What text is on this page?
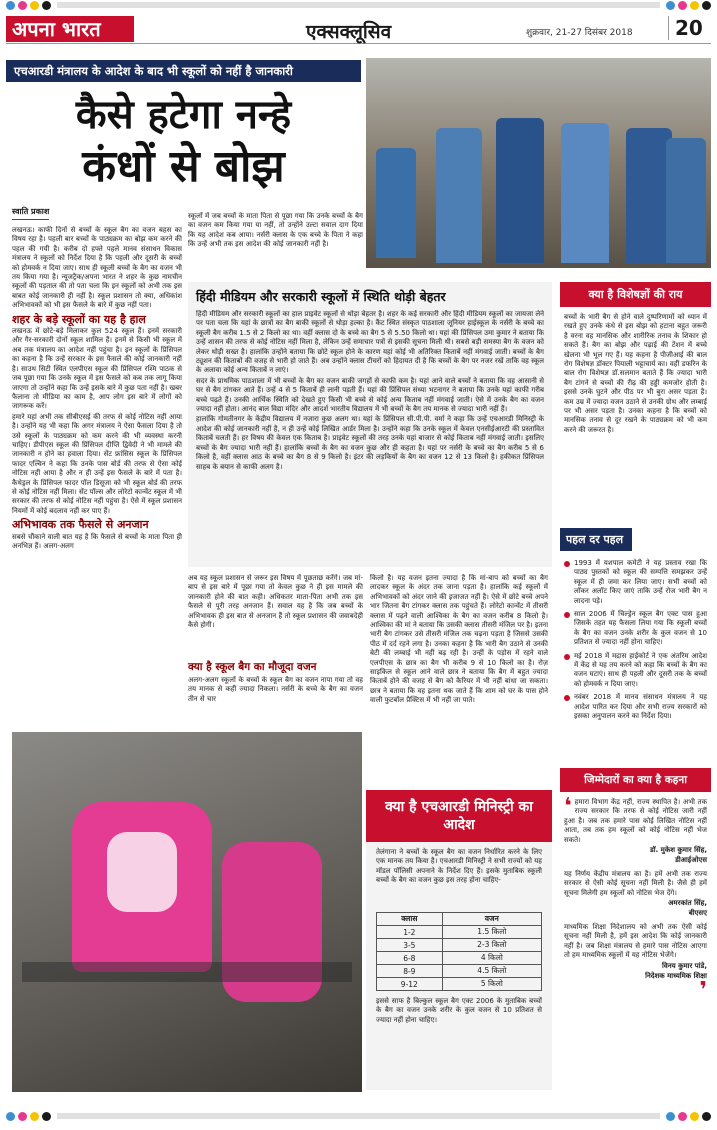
अपना भारत	एक्सक्लूसिव	शुक्रवार, 21-27 दिसंबर 2018	20
एचआरडी मंत्रालय के आदेश के बाद भी स्कूलों को नहीं है जानकारी
कैसे हटेगा नन्हे
कंधों से बोझ
स्वाति प्रकाश

लखनऊ। काफी दिनों से बच्चों के स्कूल बैग का वजन बहस का विषय रहा है। पहली बार बच्चों के पाठ्यक्रम का बोझ कम करने की पहल की गयी है। करीब दो हफ्ते पहले मानव संसाधन विकास मंत्रालय ने स्कूलों को निर्देश दिया है कि पहली और दूसरी के बच्चों को होमवर्क न दिया जाए। साथ ही स्कूली बच्चों के बैग का वजन भी तय किया गया है। न्यूजट्रैक/अपना भारत ने शहर के कुछ नामचीन स्कूलों की पड़ताल की तो पता चला कि इन स्कूलों को अभी तक इस बाबत कोई जानकारी ही नहीं है। स्कूल प्रशासन तो क्या, अधिकांश अभिभावकों को भी इस फैसले के बारे में कुछ नहीं पता।

शहर के बड़े स्कूलों का यह है हाल

लखनऊ में छोटे-बड़े मिलाकर कुल 524 स्कूल हैं। इनमें सरकारी और गैर-सरकारी दोनों स्कूल शामिल हैं। इनमें से किसी भी स्कूल में अब तक मंत्रालय का आदेश नहीं पहुंचा है। इन स्कूलों के प्रिंसिपल का कहना है कि उन्हें सरकार के इस फैसले की कोई जानकारी नहीं है। साउथ सिटी स्थित एलपीएस स्कूल की प्रिंसिपल रश्मि पाठक से जब पूछा गया कि उनके स्कूल में इस फैसले को कब तक लागू किया जाएगा तो उन्होंने कहा कि उन्हें इसके बारे में कुछ पता नहीं है। खबर फैलाना तो मीडिया का काम है, आप लोग इस बारे में लोगों को जागरूक करें।

हमारे यहां अभी तक सीबीएसई की तरफ से कोई नोटिस नहीं आया है। उन्होंने यह भी कहा कि अगर मंत्रालय ने ऐसा फैसला दिया है तो उसे स्कूलों के पाठ्यक्रम को कम करने की भी व्यवस्था करनी चाहिए। डीपीएस स्कूल की प्रिंसिपल दीप्ति द्विवेदी ने भी मामले की जानकारी न होने का हवाला दिया। सेंट फ्रांसिस स्कूल के प्रिंसिपल फादर एल्विन ने कहा कि उनके पास बोर्ड की तरफ से ऐसा कोई नोटिस नहीं आया है और न ही उन्हें इस फैसले के बारे में पता है। कैथेड्रल के प्रिंसिपल फादर पॉल डिसूजा को भी स्कूल बोर्ड की तरफ से कोई नोटिस नहीं मिला। सेंट पॉल्स और लोरेटो कान्वेंट स्कूल में भी सरकार की तरफ से कोई नोटिस नहीं पहुंचा है। ऐसे में स्कूल प्रशासन नियमों में कोई बदलाव नहीं कर पाए हैं।

अभिभावक तक फैसले से अनजान

सबसे चौंकाने वाली बात यह है कि फैसले से बच्चों के माता पिता ही अनभिज्ञ हैं। अलग-अलग

स्कूलों में जब बच्चों के माता पिता से पूछा गया कि उनके बच्चों के बैग का वजन कम किया गया या नहीं, तो उन्होंने उल्टा सवाल दाग दिया कि यह आदेश कब आया। नर्सरी क्लास के एक बच्चे के पिता ने कहा कि उन्हें अभी तक इस आदेश की कोई जानकारी नहीं है।
हिंदी मीडियम और सरकारी स्कूलों में स्थिति थोड़ी बेहतर

हिंदी मीडियम और सरकारी स्कूलों का हाल प्राइवेट स्कूलों से थोड़ा बेहतर है। शहर के कई सरकारी और हिंदी मीडियम स्कूलों का जायजा लेने पर पता चला कि यहां के छात्रों का बैग बाकी स्कूलों से थोड़ा हल्का है। कैंट स्थित संस्कृत पाठशाला जूनियर हाईस्कूल के नर्सरी के बच्चे का स्कूली बैग करीब 1.5 से 2 किलो का था। वहीं क्लास दो के बच्चे का बैग 5 से 5.50 किलो था। यहां की प्रिंसिपल उमा कुमार ने बताया कि उन्हें शासन की तरफ से कोई नोटिस नहीं मिला है, लेकिन उन्हें समाचार पत्रों से इसकी सूचना मिली थी। सबसे बड़ी समस्या बैग के वजन को लेकर थोड़ी सख्त है। हालांकि उन्होंने बताया कि छोटे स्कूल होने के कारण यहां कोई भी अतिरिक्त किताबें नहीं मंगवाई जाती। बच्चों के बैग ट्यूशन की किताबों की वजह से भारी हो जाते हैं। अब उन्होंने क्लास टीचरों को हिदायत दी है कि बच्चों के बैग पर नजर रखें ताकि वह स्कूल के अलावा कोई अन्य किताबें न लाएं।

सदर के प्राथमिक पाठशाला में भी बच्चों के बैग का वजन बाकी जगहों से काफी कम है। यहां आने वाले बच्चों ने बताया कि वह आसानी से घर से बैग टांगकर आते हैं। उन्हें 4 से 5 किताबें ही लानी पड़ती हैं। यहां की प्रिंसिपल संध्या भटनागर ने बताया कि उनके यहां काफी गरीब बच्चे पढ़ते हैं। उनकी आर्थिक स्थिति को देखते हुए किसी भी बच्चे से कोई अन्य किताब नहीं मंगवाई जाती। ऐसे में उनके बैग का वजन ज्यादा नहीं होता। आनंद बाल विद्या मंदिर और आदर्श भारतीय विद्यालय में भी बच्चों के बैग तय मानक से ज्यादा भारी नहीं हैं।

हालांकि गोमतीनगर के केंद्रीय विद्यालय में नजारा कुछ अलग था। यहां के प्रिंसिपल सी.पी.पी. वर्मा ने कहा कि उन्हें एचआरडी मिनिस्ट्री के आदेश की कोई जानकारी नहीं है, न ही उन्हें कोई लिखित आर्डर मिला है। उन्होंने कहा कि उनके स्कूल में केवल एनसीईआरटी की प्रस्तावित किताबें चलती हैं। हर विषय की केवल एक किताब है। प्राइवेट स्कूलों की तरह उनके यहां बाजार से कोई किताब नहीं मंगवाई जाती। इसलिए बच्चों के बैग ज्यादा भारी नहीं हैं। हालांकि बच्चों के बैग का वजन कुछ और ही कहता है। यहां पर नर्सरी के बच्चे का बैग करीब 5 से 6 किलो है, वहीं क्लास आठ के बच्चे का बैग 8 से 9 किलो है। इंटर की लड़कियों के बैग का वजन 12 से 13 किलो है। हकीकत प्रिंसिपल साहब के बयान से काफी अलग है।

अब यह स्कूल प्रशासन से जरूर इस विषय में पूछताछ करेंगे। जब मां-बाप से इस बारे में पूछा गया तो केवल कुछ ने ही इस मामले की जानकारी होने की बात कही। अधिकतर माता-पिता अभी तक इस फैसले से पूरी तरह अनजान हैं। सवाल यह है कि जब बच्चों के अभिभावक ही इस बात से अनजान हैं तो स्कूल प्रशासन की जवाबदेही कैसे होगी।
क्या है स्कूल बैग का मौजूदा वजन
अलग-अलग स्कूलों के बच्चों के स्कूल बैग का वजन नापा गया तो वह तय मानक से कहीं ज्यादा निकला। नर्सरी के बच्चे के बैग का वजन तीन से चार
किलो है। यह वजन इतना ज्यादा है कि मां-बाप को बच्चों का बैग लादकर स्कूल के अंदर तक जाना पड़ता है। हालांकि कई स्कूलों में अभिभावकों को अंदर जाने की इजाजत नहीं है। ऐसे में छोटे बच्चे अपने भार जितना बैग टांगकर क्लास तक पहुंचते हैं। लोरेटो कान्वेंट में तीसरी क्लास में पढ़ने वाली आश्विका के बैग का वजन करीब 8 किलो है। आश्विका की मां ने बताया कि उसकी क्लास तीसरी मंजिल पर है। इतना भारी बैग टांगकर उसे तीसरी मंजिल तक चढ़ना पड़ता है जिससे उसकी पीठ में दर्द रहने लगा है। उनका कहना है कि भारी बैग उठाने से उनकी बेटी की लम्बाई भी नहीं बढ़ रही है। उन्हीं के पड़ोस में रहने वाले एलपीएस के छात्र का बैग भी करीब 9 से 10 किलो का है। रोज़ साइकिल से स्कूल आने वाले छात्र ने बताया कि बैग में बहुत ज्यादा किताबें होने की वजह से बैग को कैरियर में भी नहीं बांधा जा सकता। छात्र ने बताया कि वह इतना थक जाते हैं कि शाम को घर के पास होने वाली फुटबॉल प्रैक्टिस में भी नहीं जा पाते।
क्या है एचआरडी मिनिस्ट्री का आदेश
तेलंगाना ने बच्चों के स्कूल बैग का वजन निर्धारित करने के लिए एक मानक तय किया है। एचआरडी मिनिस्ट्री ने सभी राज्यों को यह मॉडल पॉलिसी अपनाने के निर्देश दिए हैं। इसके मुताबिक स्कूली बच्चों के बैग का वजन कुछ इस तरह होना चाहिए-
क्लास	वजन
1-2	1.5 किलो
3-5	2-3 किलो
6-8	4 किलो
8-9	4.5 किलो
9-12	5 किलो
इससे साफ है बिल्कुल स्कूल बैग एक्ट 2006 के मुताबिक बच्चों के बैग का वजन उनके शरीर के कुल वजन से 10 प्रतिशत से ज्यादा नहीं होना चाहिए।
क्या है विशेषज्ञों की राय
बच्चों के भारी बैग से होने वाले दुष्परिणामों को ध्यान में रखते हुए उनके कंधे से इस बोझ को हटाना बहुत जरूरी है वरना वह मानसिक और शारीरिक तनाव के शिकार हो सकते हैं। बैग का बोझ और पढ़ाई की टेंशन में बच्चे खेलना भी भूल गए हैं। यह कहना है पीजीआई की बाल रोग विशेषज्ञ डॉक्टर पियाली भट्टाचार्य का। वहीं डफरिन के बाल रोग विशेषज्ञ डॉ.सलमान बताते हैं कि ज्यादा भारी बैग टांगने से बच्चों की रीढ़ की हड्डी कमजोर होती है। इससे उनके घुटने और पीठ पर भी बुरा असर पड़ता है। कम उम्र में ज्यादा वजन उठाने से उनकी ग्रोथ और लम्बाई पर भी असर पड़ता है। उनका कहना है कि बच्चों को मानसिक तनाव से दूर रखने के पाठ्यक्रम को भी कम करने की जरूरत है।
पहल दर पहल
1993 में यशपाल कमेटी ने यह प्रस्ताव रखा कि पाठ्य पुस्तकों को स्कूल की सम्पत्ति समझकर उन्हें स्कूल में ही जमा कर लिया जाए। सभी बच्चों को लॉकर अलॉट किए जाएं ताकि उन्हें रोज भारी बैग न लादना पड़े।
साल 2006 में चिल्ड्रेन स्कूल बैग एक्ट पास हुआ जिसके तहत यह फैसला लिया गया कि स्कूली बच्चों के बैग का वजन उनके शरीर के कुल वजन से 10 प्रतिशत से ज्यादा नहीं होना चाहिए।
मई 2018 में मद्रास हाईकोर्ट ने एक अंतरिम आदेश में केंद्र से यह तय करने को कहा कि बच्चों के बैग का वजन घटाएं। साथ ही पहली और दूसरी तक के बच्चों को होमवर्क न दिया जाए।
नवंबर 2018 में मानव संसाधन मंत्रालय ने यह आदेश पारित कर दिया और सभी राज्य सरकारों को इसका अनुपालन करने का निर्देश दिया।
जिम्मेदारों का क्या है कहना
❛ हमारा विभाग केंद्र नहीं, राज्य स्थापित है। अभी तक राज्य सरकार कि तरफ से कोई नोटिस जारी नहीं हुआ है। जब तक हमारे पास कोई लिखित नोटिस नहीं आता, तब तक हम स्कूलों को कोई नोटिस नहीं भेज सकते।

डॉ. मुकेश कुमार सिंह,

डीआईओएस

यह निर्णय केंद्रीय मंत्रालय का है। हमें अभी तक राज्य सरकार से ऐसी कोई सूचना नहीं मिली है। जैसे ही हमें सूचना मिलेगी हम स्कूलों को नोटिस भेज देंगे।

अमरकांत सिंह,

बीएसए

माध्यमिक शिक्षा निदेशालय को अभी तक ऐसी कोई सूचना नहीं मिली है, हमें इस आदेश कि कोई जानकारी नहीं है। जब शिक्षा मंत्रालय से हमारे पास नोटिस आएगा तो हम माध्यमिक स्कूलों में यह नोटिस भेजेंगे।

विनय कुमार पांडे,

निदेशक माध्यमिक शिक्षा

❜
